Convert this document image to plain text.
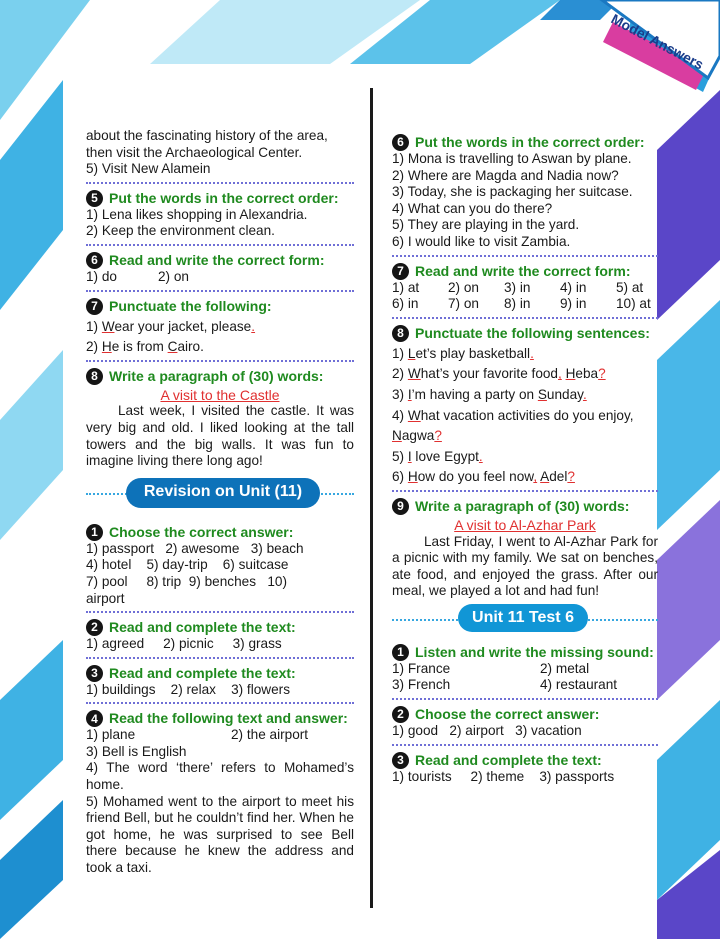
Model Answers

about the fascinating history of the area,

then visit the Archaeological Center.

5) Visit New Alamein

5 Put the words in the correct order:

1) Lena likes shopping in Alexandria.

2) Keep the environment clean.

6 Read and write the correct form:
1) do	2) on
7 Punctuate the following:

1) Wear your jacket, please.

2) He is from Cairo.

8 Write a paragraph of (30) words:

A visit to the Castle

Last week, I visited the castle. It was very big and old. I liked looking at the tall towers and the big walls. It was fun to imagine living there long ago!

Revision on Unit (11)
1 Choose the correct answer:

1) passport   2) awesome   3) beach

4) hotel    5) day-trip    6) suitcase

7) pool     8) trip  9) benches   10)

airport

2 Read and complete the text:

1) agreed     2) picnic     3) grass

3 Read and complete the text:

1) buildings    2) relax    3) flowers

4 Read the following text and answer:
1) plane	2) the airport

3) Bell is English

4) The word ‘there’ refers to Mohamed’s home.

5) Mohamed went to the airport to meet his friend Bell, but he couldn’t find her. When he got home, he was surprised to see Bell there because he knew the address and took a taxi.

6 Put the words in the correct order:

1) Mona is travelling to Aswan by plane.

2) Where are Magda and Nadia now?

3) Today, she is packaging her suitcase.

4) What can you do there?

5) They are playing in the yard.

6) I would like to visit Zambia.

7 Read and write the correct form:
1) at	2) on	3) in	4) in	5) at
6) in	7) on	8) in	9) in	10) at
8 Punctuate the following sentences:

1) Let’s play basketball.

2) What’s your favorite food, Heba?

3) I’m having a party on Sunday.

4) What vacation activities do you enjoy,

Nagwa?

5) I love Egypt.

6) How do you feel now, Adel?

9 Write a paragraph of (30) words:

A visit to Al-Azhar Park

Last Friday, I went to Al-Azhar Park for a picnic with my family. We sat on benches, ate food, and enjoyed the grass. After our meal, we played a lot and had fun!

Unit 11 Test 6
1 Listen and write the missing sound:
1) France	2) metal
3) French	4) restaurant
2 Choose the correct answer:

1) good   2) airport   3) vacation

3 Read and complete the text:

1) tourists     2) theme    3) passports
